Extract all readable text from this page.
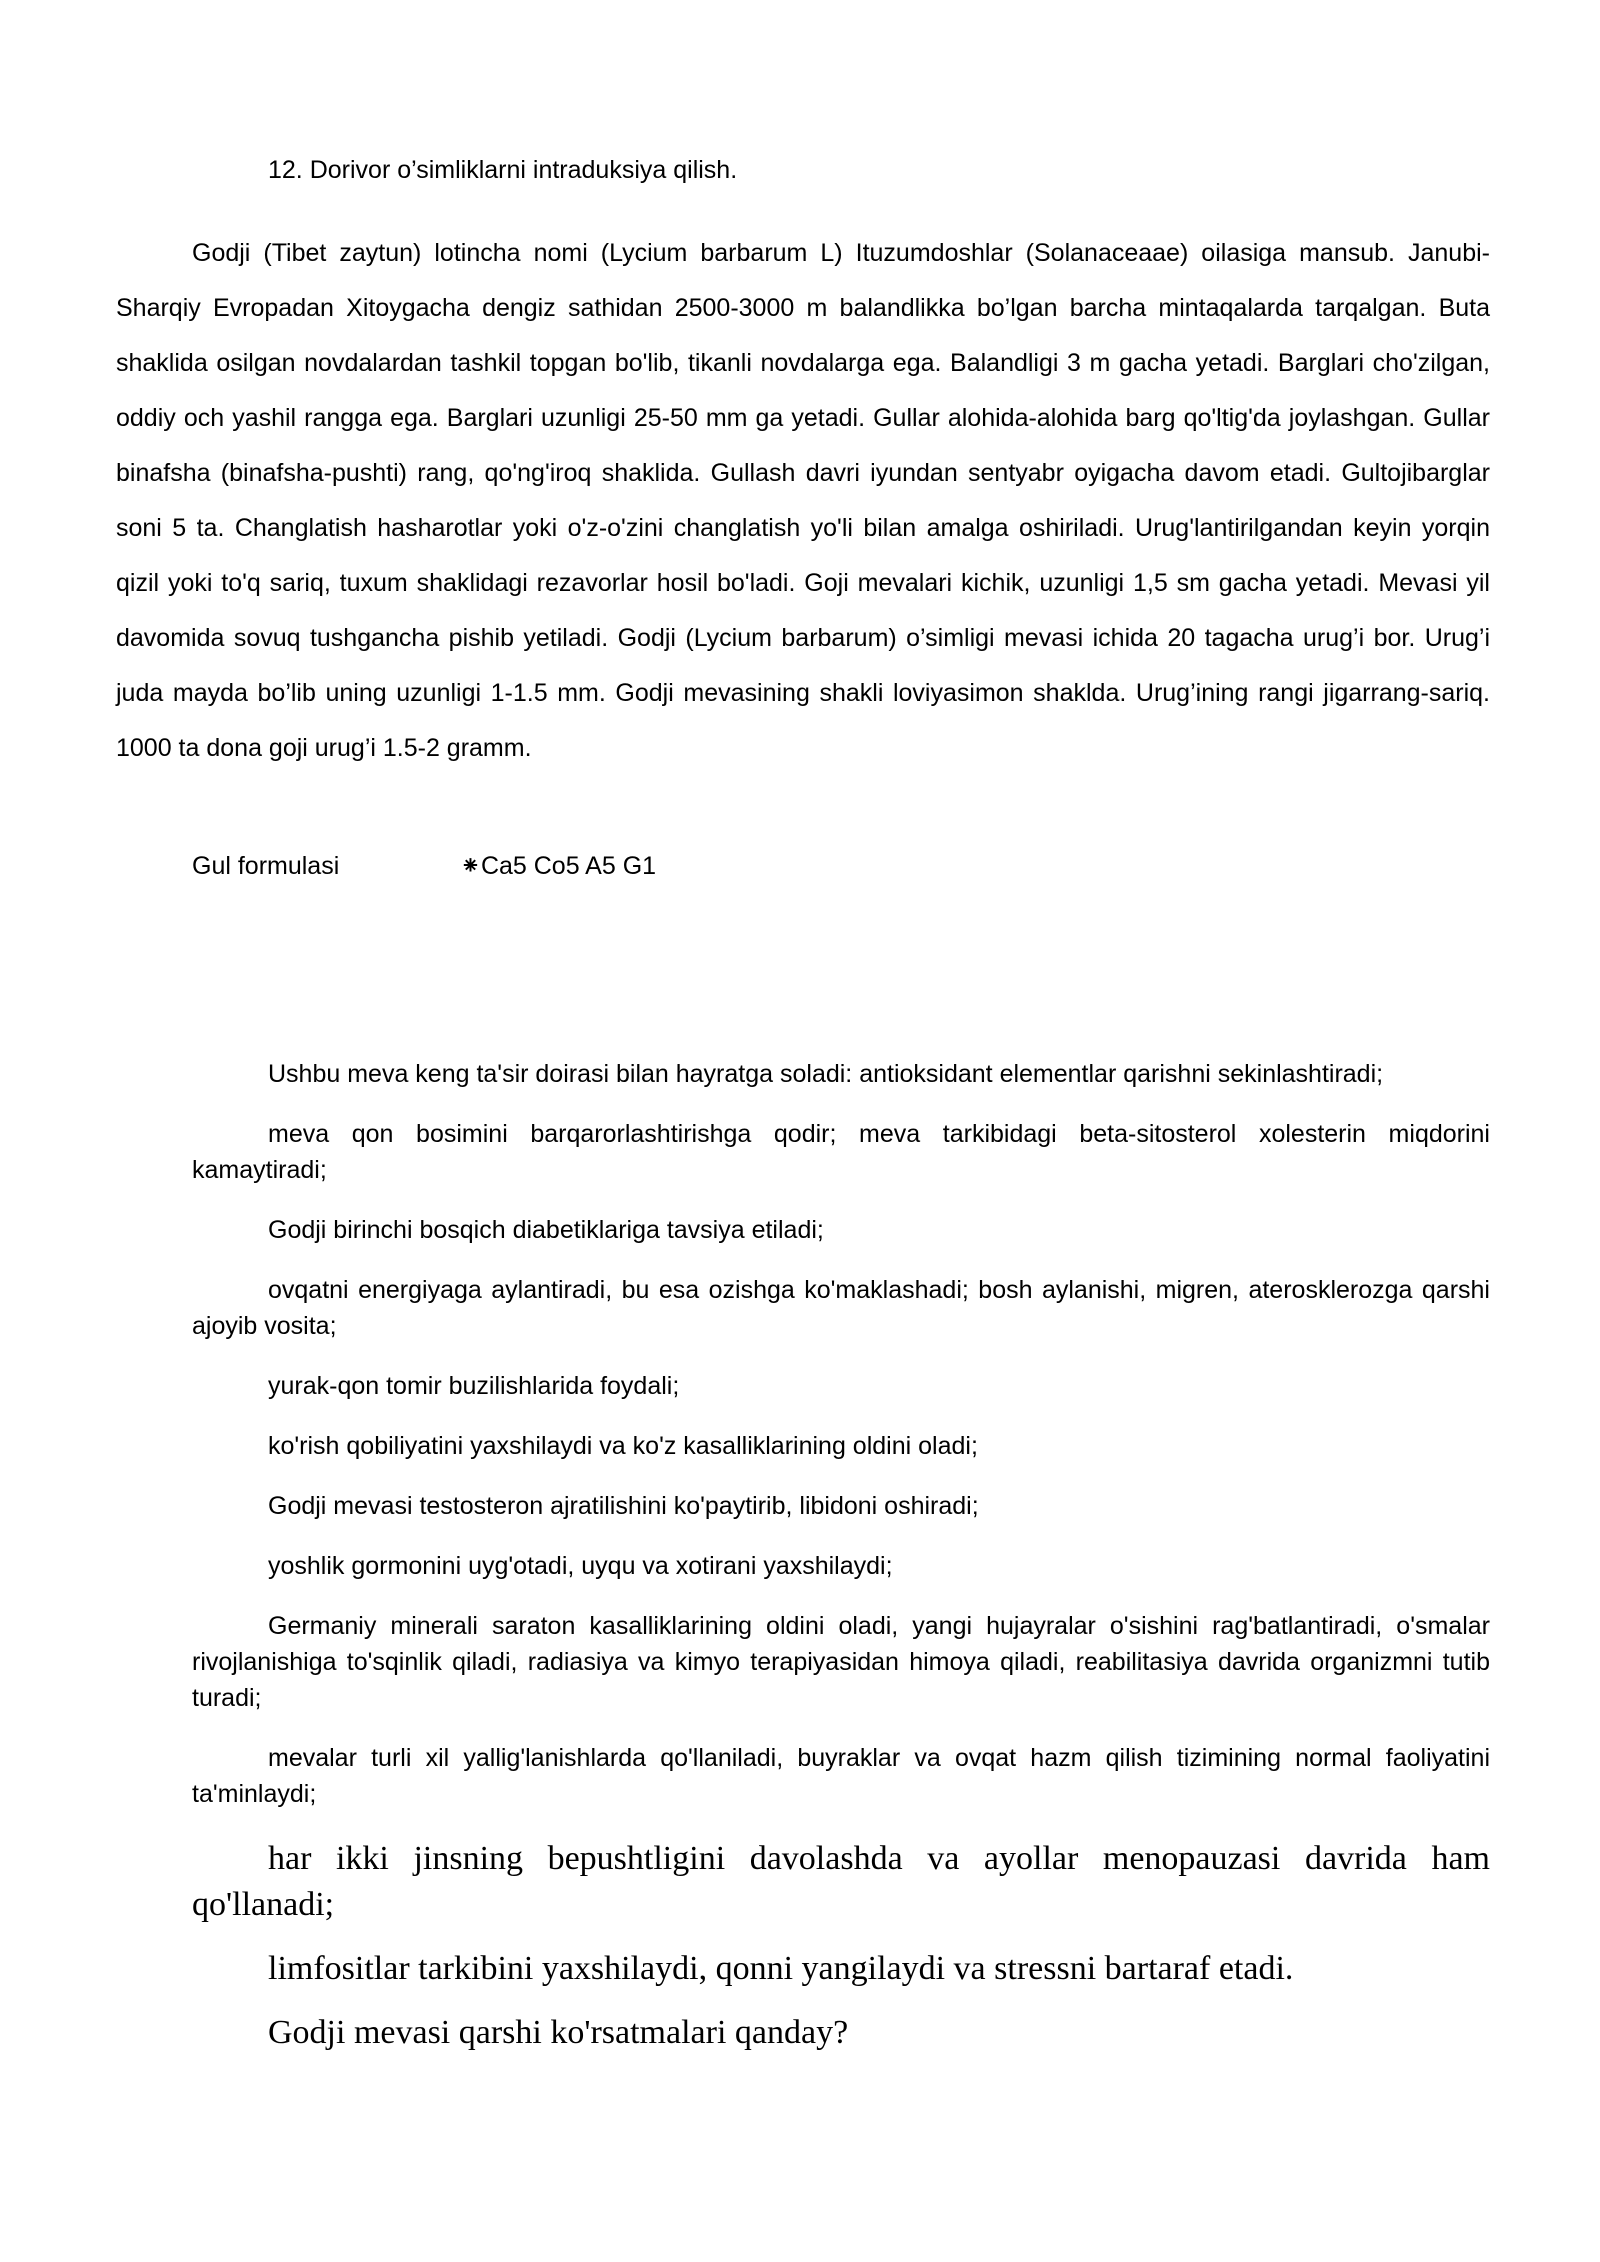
12. Dorivor o’simliklarni intraduksiya qilish.

Godji (Tibet zaytun) lotincha nomi (Lycium barbarum L) Ituzumdoshlar (Solanaceaae) oilasiga mansub. Janubi-Sharqiy Evropadan Xitoygacha dengiz sathidan 2500-3000 m balandlikka bo’lgan barcha mintaqalarda tarqalgan. Buta shaklida osilgan novdalardan tashkil topgan bo'lib, tikanli novdalarga ega. Balandligi 3 m gacha yetadi. Barglari cho'zilgan, oddiy och yashil rangga ega. Barglari uzunligi 25-50 mm ga yetadi. Gullar alohida-alohida barg qo'ltig'da joylashgan. Gullar binafsha (binafsha-pushti) rang, qo'ng'iroq shaklida. Gullash davri iyundan sentyabr oyigacha davom etadi. Gultojibarglar soni 5 ta. Changlatish hasharotlar yoki o'z-o'zini changlatish yo'li bilan amalga oshiriladi. Urug'lantirilgandan keyin yorqin qizil yoki to'q sariq, tuxum shaklidagi rezavorlar hosil bo'ladi. Goji mevalari kichik, uzunligi 1,5 sm gacha yetadi. Mevasi yil davomida sovuq tushgancha pishib yetiladi. Godji (Lycium barbarum) o’simligi mevasi ichida 20 tagacha urug’i bor. Urug’i juda mayda bo’lib uning uzunligi 1-1.5 mm. Godji mevasining shakli loviyasimon shaklda. Urug’ining rangi jigarrang-sariq. 1000 ta dona goji urug’i 1.5-2 gramm.

Gul formulasi	⁕Ca5 Co5 A5 G1
Ushbu meva keng ta'sir doirasi bilan hayratga soladi: antioksidant elementlar qarishni sekinlashtiradi;
meva qon bosimini barqarorlashtirishga qodir; meva tarkibidagi beta-sitosterol xolesterin miqdorini kamaytiradi;
Godji birinchi bosqich diabetiklariga tavsiya etiladi;
ovqatni energiyaga aylantiradi, bu esa ozishga ko'maklashadi; bosh aylanishi, migren, aterosklerozga qarshi ajoyib vosita;
yurak-qon tomir buzilishlarida foydali;
ko'rish qobiliyatini yaxshilaydi va ko'z kasalliklarining oldini oladi;
Godji mevasi testosteron ajratilishini ko'paytirib, libidoni oshiradi;
yoshlik gormonini uyg'otadi, uyqu va xotirani yaxshilaydi;
Germaniy minerali saraton kasalliklarining oldini oladi, yangi hujayralar o'sishini rag'batlantiradi, o'smalar rivojlanishiga to'sqinlik qiladi, radiasiya va kimyo terapiyasidan himoya qiladi, reabilitasiya davrida organizmni tutib turadi;
mevalar turli xil yallig'lanishlarda qo'llaniladi, buyraklar va ovqat hazm qilish tizimining normal faoliyatini ta'minlaydi;
har ikki jinsning bepushtligini davolashda va ayollar menopauzasi davrida ham qo'llanadi;
limfositlar tarkibini yaxshilaydi, qonni yangilaydi va stressni bartaraf etadi.
Godji mevasi qarshi ko'rsatmalari qanday?
